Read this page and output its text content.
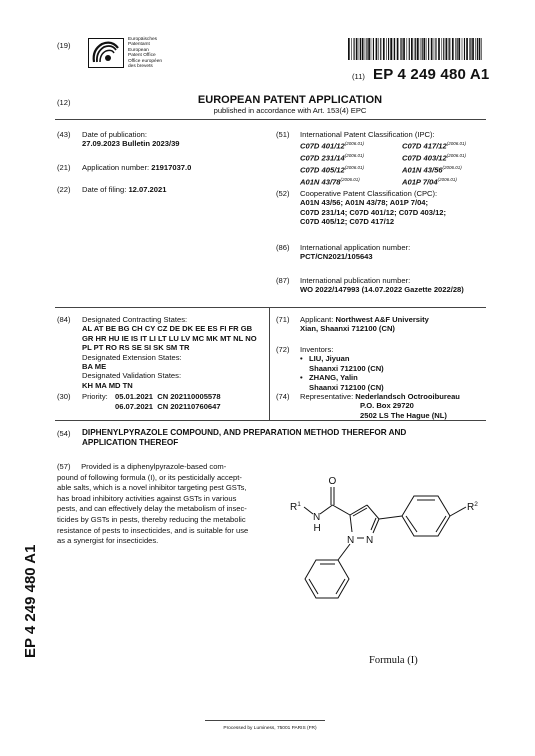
(19)
Europäisches
Patentamt
European
Patent Office
Office européen
des brevets
(11) EP 4 249 480 A1
(12)	EUROPEAN PATENT APPLICATION
published in accordance with Art. 153(4) EPC
(43) Date of publication:
27.09.2023 Bulletin 2023/39
(21) Application number: 21917037.0
(22) Date of filing: 12.07.2021
(51) International Patent Classification (IPC):
C07D $401/12^{(2006.01)}$	C07D $417/12^{(2006.01)}$
C07D $231/14^{(2006.01)}$	C07D $403/12^{(2006.01)}$
C07D $405/12^{(2006.01)}$	A01N $43/56^{(2006.01)}$
A01N $43/78^{(2006.01)}$	A01P $7/04^{(2006.01)}$
(52) Cooperative Patent Classification (CPC):
A01N 43/56; A01N 43/78; A01P 7/04;
C07D 231/14; C07D 401/12; C07D 403/12;
C07D 405/12; C07D 417/12
(86) International application number:
PCT/CN2021/105643
(87) International publication number:
WO 2022/147993 (14.07.2022 Gazette 2022/28)
(84) Designated Contracting States:
AL AT BE BG CH CY CZ DE DK EE ES FI FR GB
GR HR HU IE IS IT LI LT LU LV MC MK MT NL NO
PL PT RO RS SE SI SK SM TR
Designated Extension States:
BA ME
Designated Validation States:
KH MA MD TN
(30) Priority: 05.01.2021 CN 202110005578
06.07.2021 CN 202110760647
(71) Applicant: Northwest A&F University
Xian, Shaanxi 712100 (CN)
(72) Inventors:
• LIU, Jiyuan
Shaanxi 712100 (CN)
• ZHANG, Yalin
Shaanxi 712100 (CN)
(74) Representative: Nederlandsch Octrooibureau
P.O. Box 29720
2502 LS The Hague (NL)
(54) DIPHENYLPYRAZOLE COMPOUND, AND PREPARATION METHOD THEREFOR AND
APPLICATION THEREOF
(57) Provided is a diphenylpyrazole-based com-
pound of following formula (I), or its pesticidally accept-
able salts, which is a novel inhibitor targeting pest GSTs,
has broad inhibitory activities against GSTs in various
pests, and can effectively delay the metabolism of insec-
ticides by GSTs in pests, thereby reducing the metabolic
resistance of pests to insecticides, and is suitable for use
as a synergist for insecticides.
O
$R^1$
N
H
N N
$R^2$
Formula (I)
EP 4 249 480 A1
Processed by Luminess, 75001 PARIS (FR)
